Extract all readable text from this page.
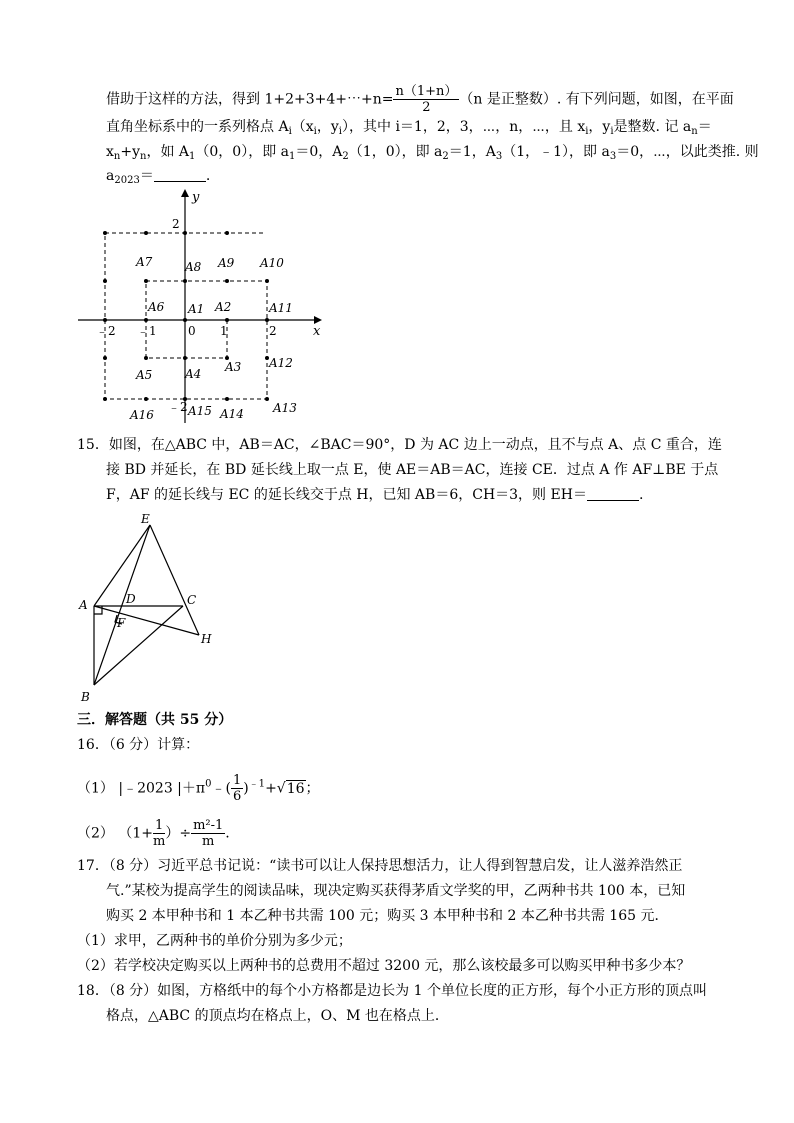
借助于这样的方法，得到 1+2+3+4+⋯+n= $\frac{n(1+n)}{2} (n$ 是正整数）. 有下列问题，如图，在平面
直角坐标系中的一系列格点 $A_i(x_i$，$y_i$），其中 i＝1，2，3，⋯，n，⋯，且 $x_i$，$y_i$是整数. 记 $a_n=$
$x_n+y_n$，如 $A_1(0$，0），即 $a_1=0$，$A_2(1$，0），即 $a_2=1$，$A_3(1$，﹣1），即 $a_3=0$，⋯，以此类推. 则
$a_{2023}=$	.
x
y
﹣2 ﹣1	0 1	2
2
﹣2
A1 A2
A3
A4
A5
A6
A7	A8 A9 A10
A11
A12
A13
A14
A15
A16
15．如图，在△ABC 中，AB＝AC，∠BAC＝90°，D 为 AC 边上一动点，且不与点 A、点 C 重合，连
接 BD 并延长，在 BD 延长线上取一点 E，使 AE＝AB＝AC，连接 CE．过点 A 作 AF⊥BE 于点
F，AF 的延长线与 EC 的延长线交于点 H，已知 AB＝6，CH＝3，则 EH＝	.
E
A	D	C
F
H
B
三．解答题（共 55 分）
16．（6 分）计算：
（1） |﹣2023 $|+\pi^0﹣( \frac{1}{6} )^{﹣1}+√16$；
（2） （$1+ \frac{1}{m}$ ）÷ $\frac{\text{m²-1}}{m}$ .
17．（8 分）习近平总书记说：“读书可以让人保持思想活力，让人得到智慧启发，让人滋养浩然正
气.”某校为提高学生的阅读品味，现决定购买获得茅盾文学奖的甲，乙两种书共 100 本，已知
购买 2 本甲种书和 1 本乙种书共需 100 元；购买 3 本甲种书和 2 本乙种书共需 165 元．
（1）求甲，乙两种书的单价分别为多少元；
（2）若学校决定购买以上两种书的总费用不超过 3200 元，那么该校最多可以购买甲种书多少本？
18．（8 分）如图，方格纸中的每个小方格都是边长为 1 个单位长度的正方形，每个小正方形的顶点叫
格点，△ABC 的顶点均在格点上，O、M 也在格点上．
